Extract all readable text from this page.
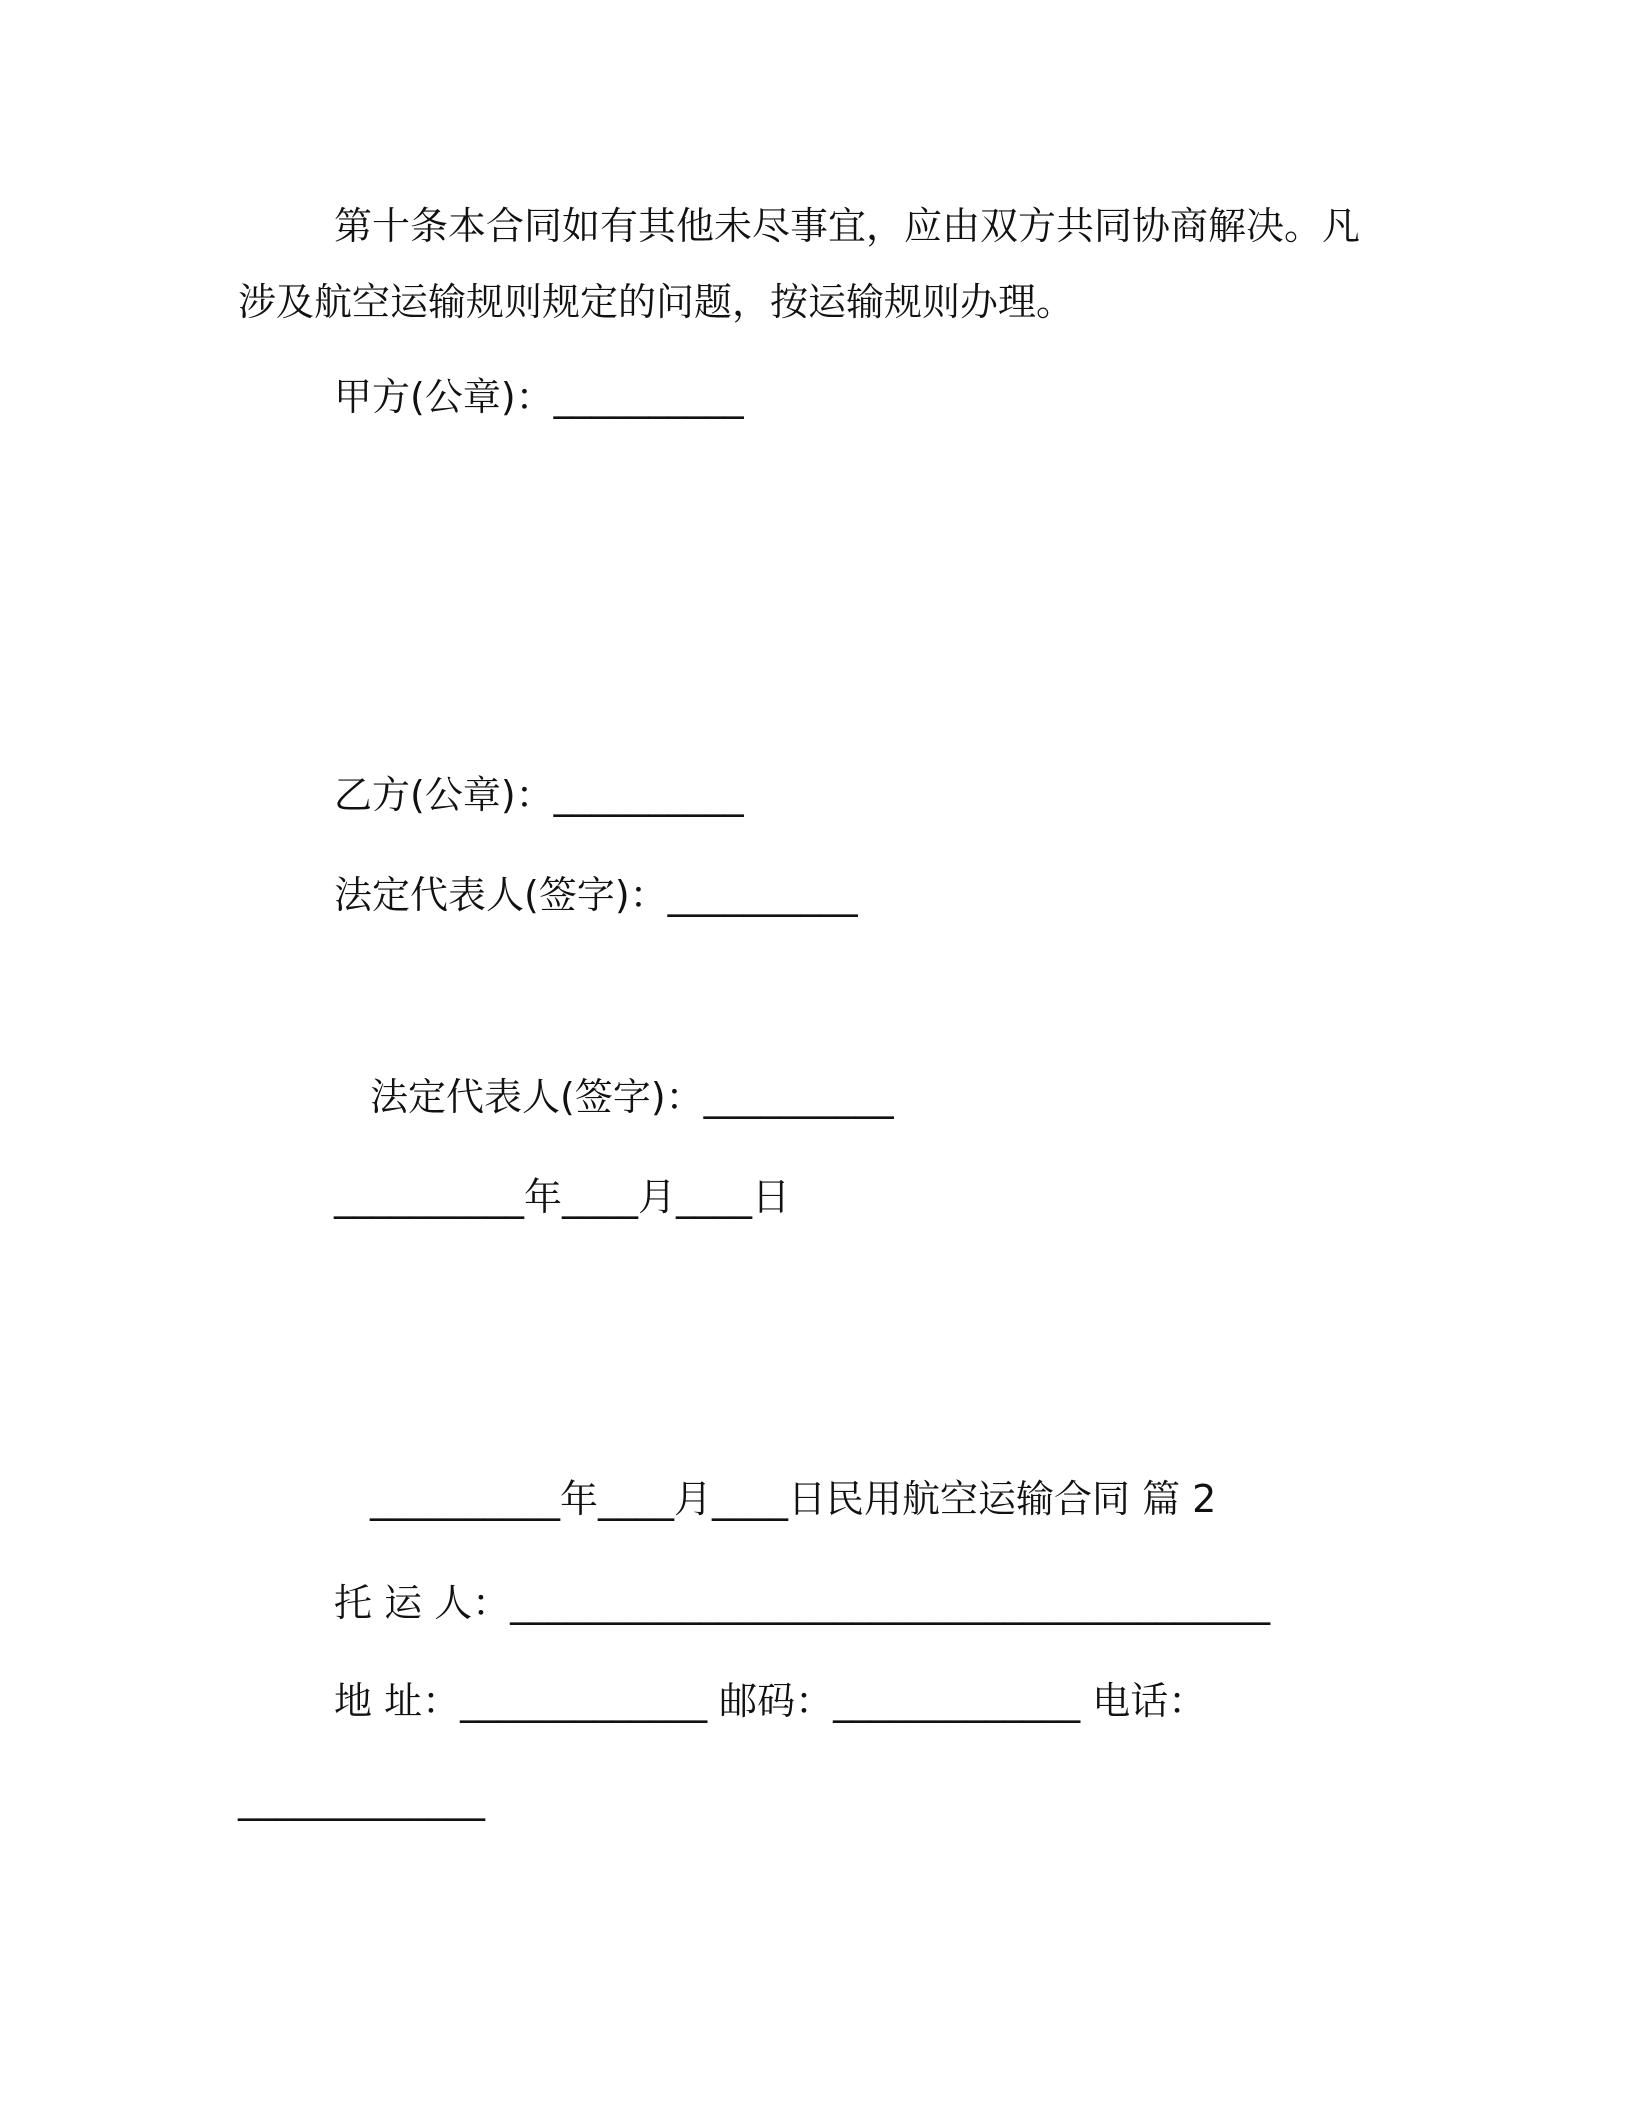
第十条本合同如有其他未尽事宜，应由双方共同协商解决。凡涉及航空运输规则规定的问题，按运输规则办理。

甲方(公章)：__________

乙方(公章)：__________

法定代表人(签字)：__________

法定代表人(签字)：__________

__________年____月____日

__________年____月____日民用航空运输合同 篇 2

托 运 人：________________________________________

地 址：_____________ 邮码：_____________ 电话：

_____________
